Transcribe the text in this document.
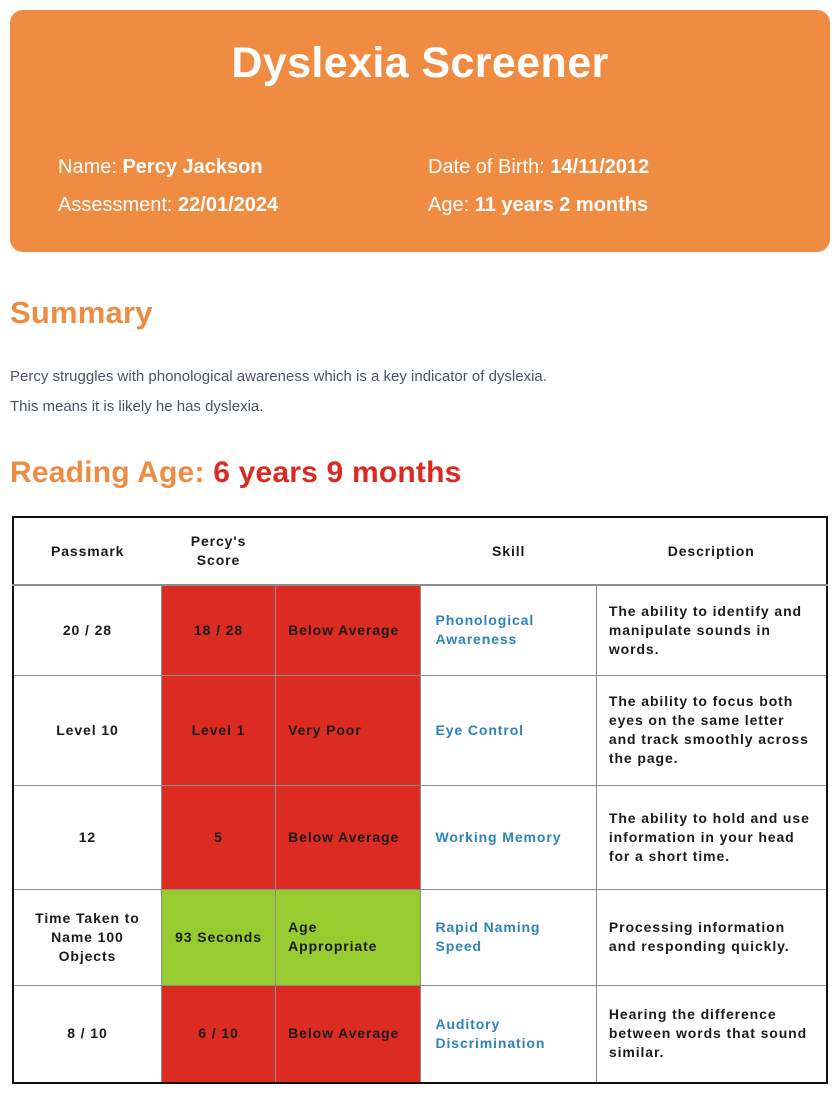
Dyslexia Screener
Name: Percy Jackson
Assessment: 22/01/2024
Date of Birth: 14/11/2012
Age: 11 years 2 months
Summary
Percy struggles with phonological awareness which is a key indicator of dyslexia.
This means it is likely he has dyslexia.
Reading Age: 6 years 9 months
Passmark	Percy's Score		Skill	Description
20 / 28	18 / 28	Below Average	Phonological Awareness	The ability to identify and manipulate sounds in words.
Level 10	Level 1	Very Poor	Eye Control	The ability to focus both eyes on the same letter and track smoothly across the page.
12	5	Below Average	Working Memory	The ability to hold and use information in your head for a short time.
Time Taken to Name 100 Objects	93 Seconds	Age Appropriate	Rapid Naming Speed	Processing information and responding quickly.
8 / 10	6 / 10	Below Average	Auditory Discrimination	Hearing the difference between words that sound similar.
